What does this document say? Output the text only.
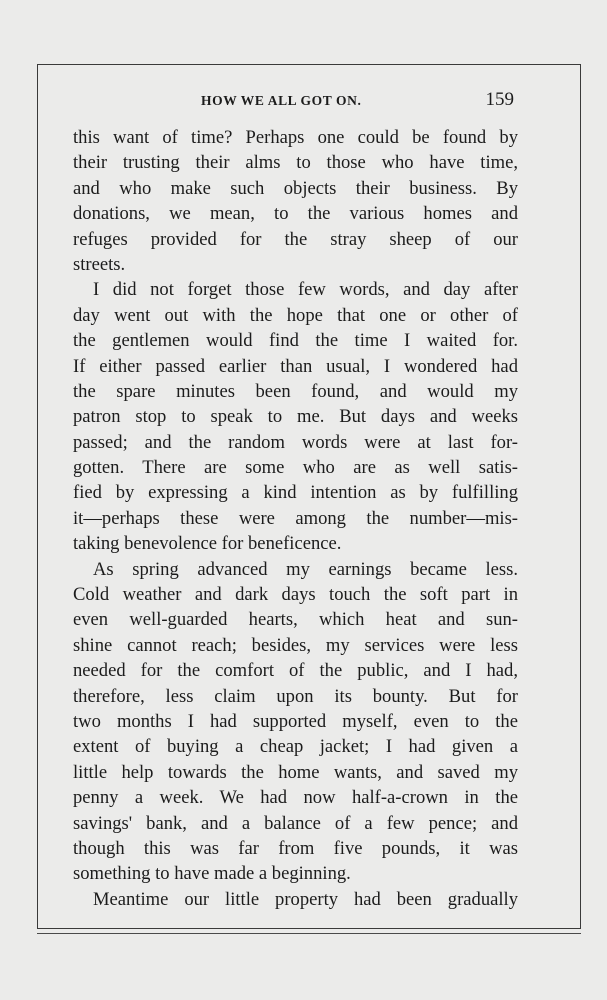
HOW WE ALL GOT ON.	159
this want of time? Perhaps one could be found by
their trusting their alms to those who have time,
and who make such objects their business. By
donations, we mean, to the various homes and
refuges provided for the stray sheep of our
streets.
I did not forget those few words, and day after
day went out with the hope that one or other of
the gentlemen would find the time I waited for.
If either passed earlier than usual, I wondered had
the spare minutes been found, and would my
patron stop to speak to me. But days and weeks
passed; and the random words were at last for-
gotten. There are some who are as well satis-
fied by expressing a kind intention as by fulfilling
it—perhaps these were among the number—mis-
taking benevolence for beneficence.
As spring advanced my earnings became less.
Cold weather and dark days touch the soft part in
even well-guarded hearts, which heat and sun-
shine cannot reach; besides, my services were less
needed for the comfort of the public, and I had,
therefore, less claim upon its bounty. But for
two months I had supported myself, even to the
extent of buying a cheap jacket; I had given a
little help towards the home wants, and saved my
penny a week. We had now half-a-crown in the
savings' bank, and a balance of a few pence; and
though this was far from five pounds, it was
something to have made a beginning.
Meantime our little property had been gradually
